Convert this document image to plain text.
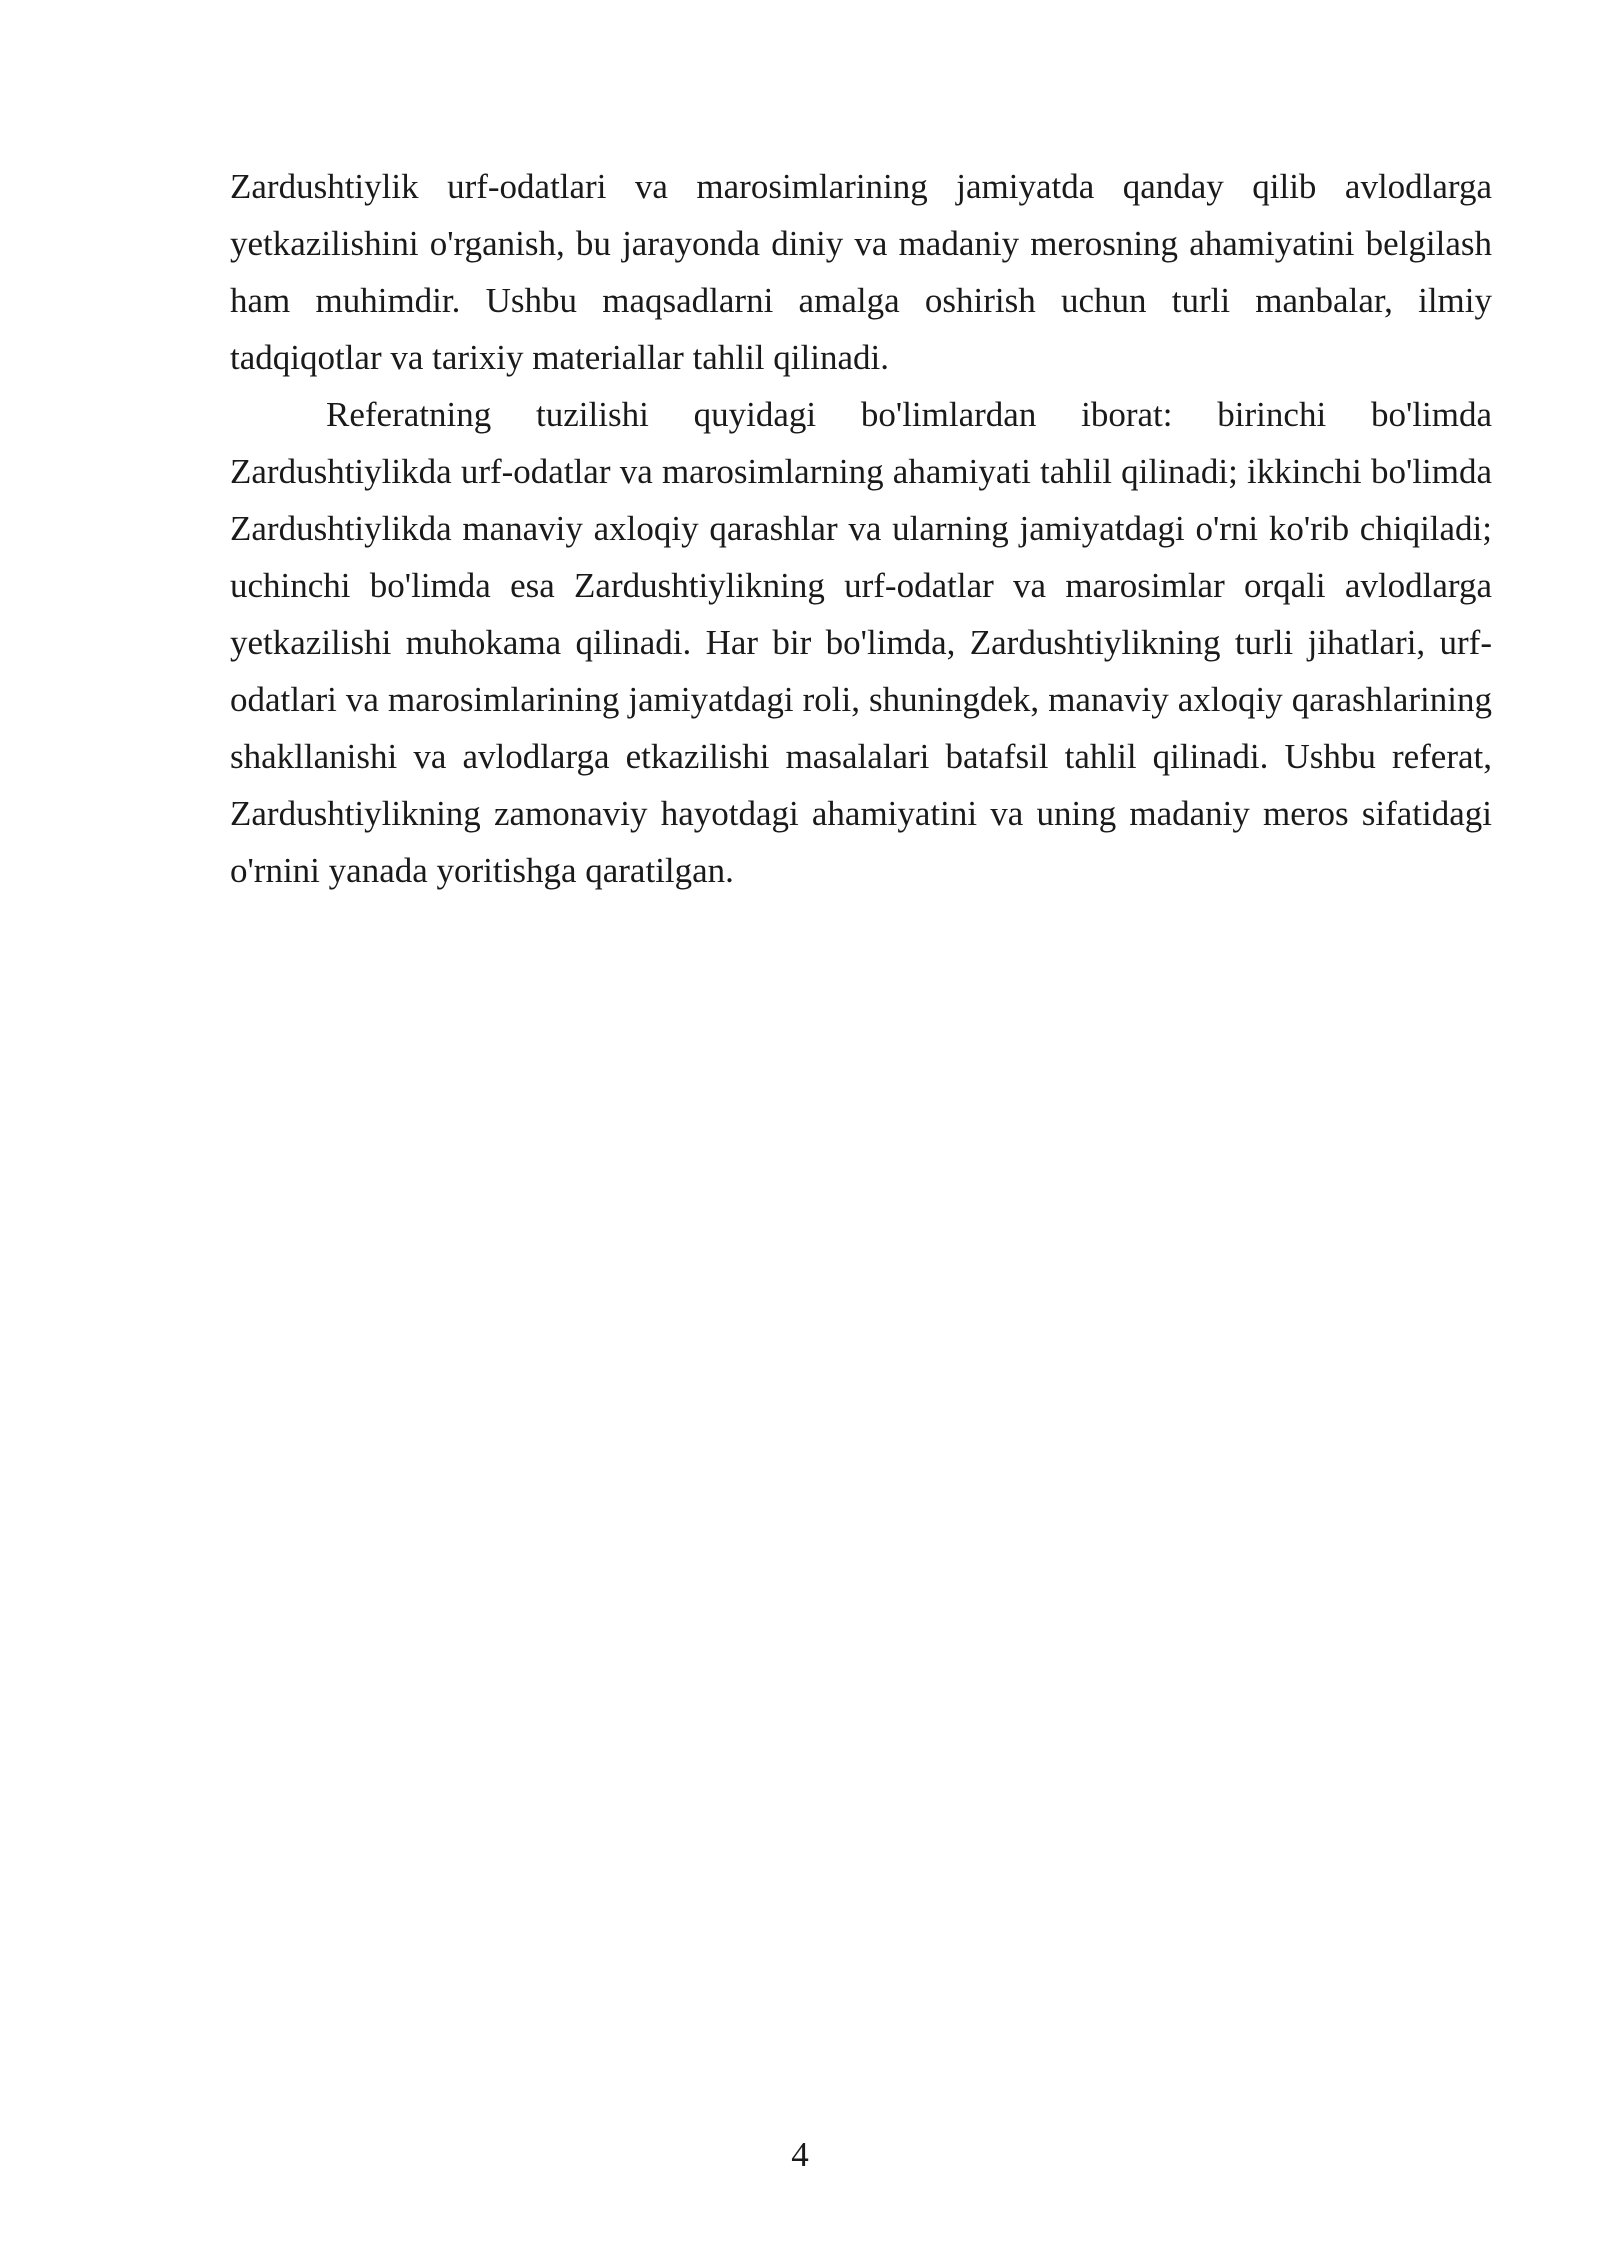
Zardushtiylik urf-odatlari va marosimlarining jamiyatda qanday qilib avlodlarga yetkazilishini o'rganish, bu jarayonda diniy va madaniy merosning ahamiyatini belgilash ham muhimdir. Ushbu maqsadlarni amalga oshirish uchun turli manbalar, ilmiy tadqiqotlar va tarixiy materiallar tahlil qilinadi.

Referatning tuzilishi quyidagi bo'limlardan iborat: birinchi bo'limda Zardushtiylikda urf-odatlar va marosimlarning ahamiyati tahlil qilinadi; ikkinchi bo'limda Zardushtiylikda manaviy axloqiy qarashlar va ularning jamiyatdagi o'rni ko'rib chiqiladi; uchinchi bo'limda esa Zardushtiylikning urf-odatlar va marosimlar orqali avlodlarga yetkazilishi muhokama qilinadi. Har bir bo'limda, Zardushtiylikning turli jihatlari, urf-odatlari va marosimlarining jamiyatdagi roli, shuningdek, manaviy axloqiy qarashlarining shakllanishi va avlodlarga etkazilishi masalalari batafsil tahlil qilinadi. Ushbu referat, Zardushtiylikning zamonaviy hayotdagi ahamiyatini va uning madaniy meros sifatidagi o'rnini yanada yoritishga qaratilgan.

4
